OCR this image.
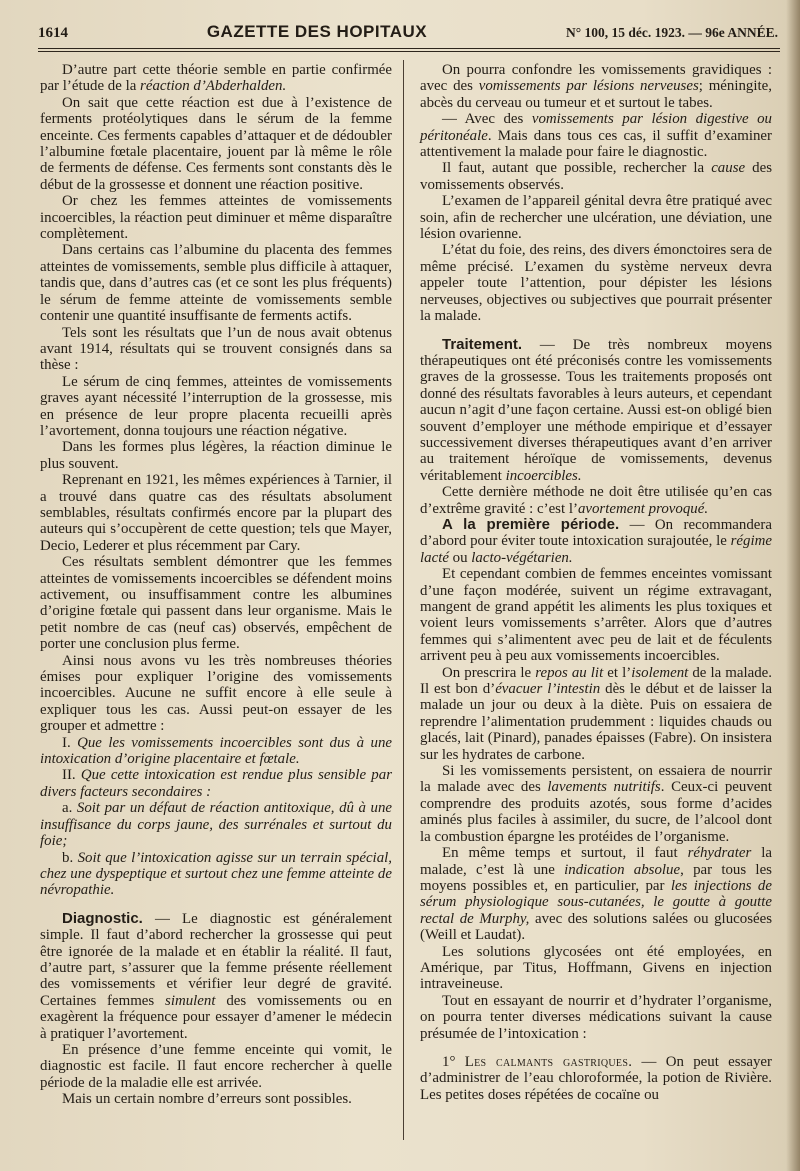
1614	GAZETTE DES HOPITAUX	N° 100, 15 déc. 1923. — 96e ANNÉE.

D’autre part cette théorie semble en partie confirmée par l’étude de la réaction d’Abderhalden.

On sait que cette réaction est due à l’existence de ferments protéolytiques dans le sérum de la femme enceinte. Ces ferments capables d’attaquer et de dédoubler l’albumine fœtale placentaire, jouent par là même le rôle de ferments de défense. Ces ferments sont constants dès le début de la grossesse et donnent une réaction positive.

Or chez les femmes atteintes de vomissements incoercibles, la réaction peut diminuer et même disparaître complètement.

Dans certains cas l’albumine du placenta des femmes atteintes de vomissements, semble plus difficile à attaquer, tandis que, dans d’autres cas (et ce sont les plus fréquents) le sérum de femme atteinte de vomissements semble contenir une quantité insuffisante de ferments actifs.

Tels sont les résultats que l’un de nous avait obtenus avant 1914, résultats qui se trouvent consignés dans sa thèse :

Le sérum de cinq femmes, atteintes de vomissements graves ayant nécessité l’interruption de la grossesse, mis en présence de leur propre placenta recueilli après l’avortement, donna toujours une réaction négative.

Dans les formes plus légères, la réaction diminue le plus souvent.

Reprenant en 1921, les mêmes expériences à Tarnier, il a trouvé dans quatre cas des résultats absolument semblables, résultats confirmés encore par la plupart des auteurs qui s’occupèrent de cette question; tels que Mayer, Decio, Lederer et plus récemment par Cary.

Ces résultats semblent démontrer que les femmes atteintes de vomissements incoercibles se défendent moins activement, ou insuffisamment contre les albumines d’origine fœtale qui passent dans leur organisme. Mais le petit nombre de cas (neuf cas) observés, empêchent de porter une conclusion plus ferme.

Ainsi nous avons vu les très nombreuses théories émises pour expliquer l’origine des vomissements incoercibles. Aucune ne suffit encore à elle seule à expliquer tous les cas. Aussi peut-on essayer de les grouper et admettre :

I. Que les vomissements incoercibles sont dus à une intoxication d’origine placentaire et fœtale.

II. Que cette intoxication est rendue plus sensible par divers facteurs secondaires :

a. Soit par un défaut de réaction antitoxique, dû à une insuffisance du corps jaune, des surrénales et surtout du foie;

b. Soit que l’intoxication agisse sur un terrain spécial, chez une dyspeptique et surtout chez une femme atteinte de névropathie.

Diagnostic. — Le diagnostic est généralement simple. Il faut d’abord rechercher la grossesse qui peut être ignorée de la malade et en établir la réalité. Il faut, d’autre part, s’assurer que la femme présente réellement des vomissements et vérifier leur degré de gravité. Certaines femmes simulent des vomissements ou en exagèrent la fréquence pour essayer d’amener le médecin à pratiquer l’avortement.

En présence d’une femme enceinte qui vomit, le diagnostic est facile. Il faut encore rechercher à quelle période de la maladie elle est arrivée.

Mais un certain nombre d’erreurs sont possibles.

On pourra confondre les vomissements gravidiques : avec des vomissements par lésions nerveuses; méningite, abcès du cerveau ou tumeur et et surtout le tabes.

— Avec des vomissements par lésion digestive ou péritonéale. Mais dans tous ces cas, il suffit d’examiner attentivement la malade pour faire le diagnostic.

Il faut, autant que possible, rechercher la cause des vomissements observés.

L’examen de l’appareil génital devra être pratiqué avec soin, afin de rechercher une ulcération, une déviation, une lésion ovarienne.

L’état du foie, des reins, des divers émonctoires sera de même précisé. L’examen du système nerveux devra appeler toute l’attention, pour dépister les lésions nerveuses, objectives ou subjectives que pourrait présenter la malade.

Traitement. — De très nombreux moyens thérapeutiques ont été préconisés contre les vomissements graves de la grossesse. Tous les traitements proposés ont donné des résultats favorables à leurs auteurs, et cependant aucun n’agit d’une façon certaine. Aussi est-on obligé bien souvent d’employer une méthode empirique et d’essayer successivement diverses thérapeutiques avant d’en arriver au traitement héroïque de vomissements, devenus véritablement incoercibles.

Cette dernière méthode ne doit être utilisée qu’en cas d’extrême gravité : c’est l’avortement provoqué.

A la première période. — On recommandera d’abord pour éviter toute intoxication surajoutée, le régime lacté ou lacto-végétarien.

Et cependant combien de femmes enceintes vomissant d’une façon modérée, suivent un régime extravagant, mangent de grand appétit les aliments les plus toxiques et voient leurs vomissements s’arrêter. Alors que d’autres femmes qui s’alimentent avec peu de lait et de féculents arrivent peu à peu aux vomissements incoercibles.

On prescrira le repos au lit et l’isolement de la malade. Il est bon d’évacuer l’intestin dès le début et de laisser la malade un jour ou deux à la diète. Puis on essaiera de reprendre l’alimentation prudemment : liquides chauds ou glacés, lait (Pinard), panades épaisses (Fabre). On insistera sur les hydrates de carbone.

Si les vomissements persistent, on essaiera de nourrir la malade avec des lavements nutritifs. Ceux-ci peuvent comprendre des produits azotés, sous forme d’acides aminés plus faciles à assimiler, du sucre, de l’alcool dont la combustion épargne les protéides de l’organisme.

En même temps et surtout, il faut réhydrater la malade, c’est là une indication absolue, par tous les moyens possibles et, en particulier, par les injections de sérum physiologique sous-cutanées, le goutte à goutte rectal de Murphy, avec des solutions salées ou glucosées (Weill et Laudat).

Les solutions glycosées ont été employées, en Amérique, par Titus, Hoffmann, Givens en injection intraveineuse.

Tout en essayant de nourrir et d’hydrater l’organisme, on pourra tenter diverses médications suivant la cause présumée de l’intoxication :

1° Les calmants gastriques. — On peut essayer d’administrer de l’eau chloroformée, la potion de Rivière. Les petites doses répétées de cocaïne ou
